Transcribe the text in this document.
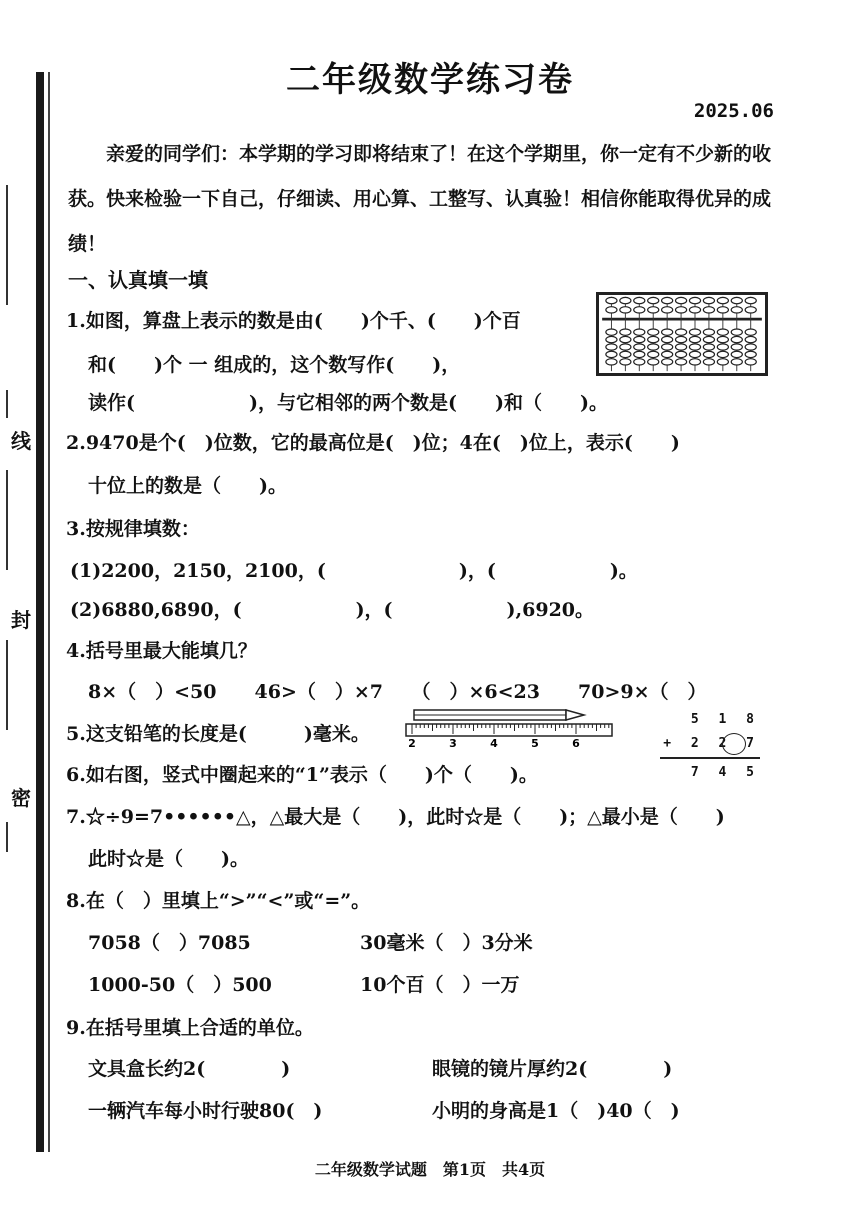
线
封
密
二年级数学练习卷
2025.06
亲爱的同学们：本学期的学习即将结束了！在这个学期里，你一定有不少新的收获。快来检验一下自己，仔细读、用心算、工整写、认真验！相信你能取得优异的成绩！
一、认真填一填
1.如图，算盘上表示的数是由(　　)个千、(　　)个百
和(　　)个 一 组成的，这个数写作(　　)，
读作(　　　　　　)，与它相邻的两个数是(　　)和（　　)。
2.9470是个(　)位数，它的最高位是(　)位；4在(　)位上，表示(　　)
十位上的数是（　　)。
3.按规律填数：
(1)2200，2150，2100，(　　　　　　　)，(　　　　　　)。
(2)6880,6890，(　　　　　　)，(　　　　　　),6920。
4.括号里最大能填几？
8×（　）<50　　46>（　）×7　　（　）×6<23　　70>9×（　）
5.这支铅笔的长度是(　　　)毫米。	2	3	4	5	6
5 1 8
+ 2 2 7
7 4 5
6.如右图，竖式中圈起来的“1”表示（　　)个（　　)。
7.☆÷9=7••••••△，△最大是（　　)，此时☆是（　　)；△最小是（　　)
此时☆是（　　)。
8.在（　）里填上“>”“<”或“=”。
7058（　）7085	30毫米（　）3分米
1000-50（　）500	10个百（　）一万
9.在括号里填上合适的单位。
文具盒长约2(　　　　)	眼镜的镜片厚约2(　　　　)
一辆汽车每小时行驶80(　)	小明的身高是1（　)40（　)
二年级数学试题　第1页　共4页
